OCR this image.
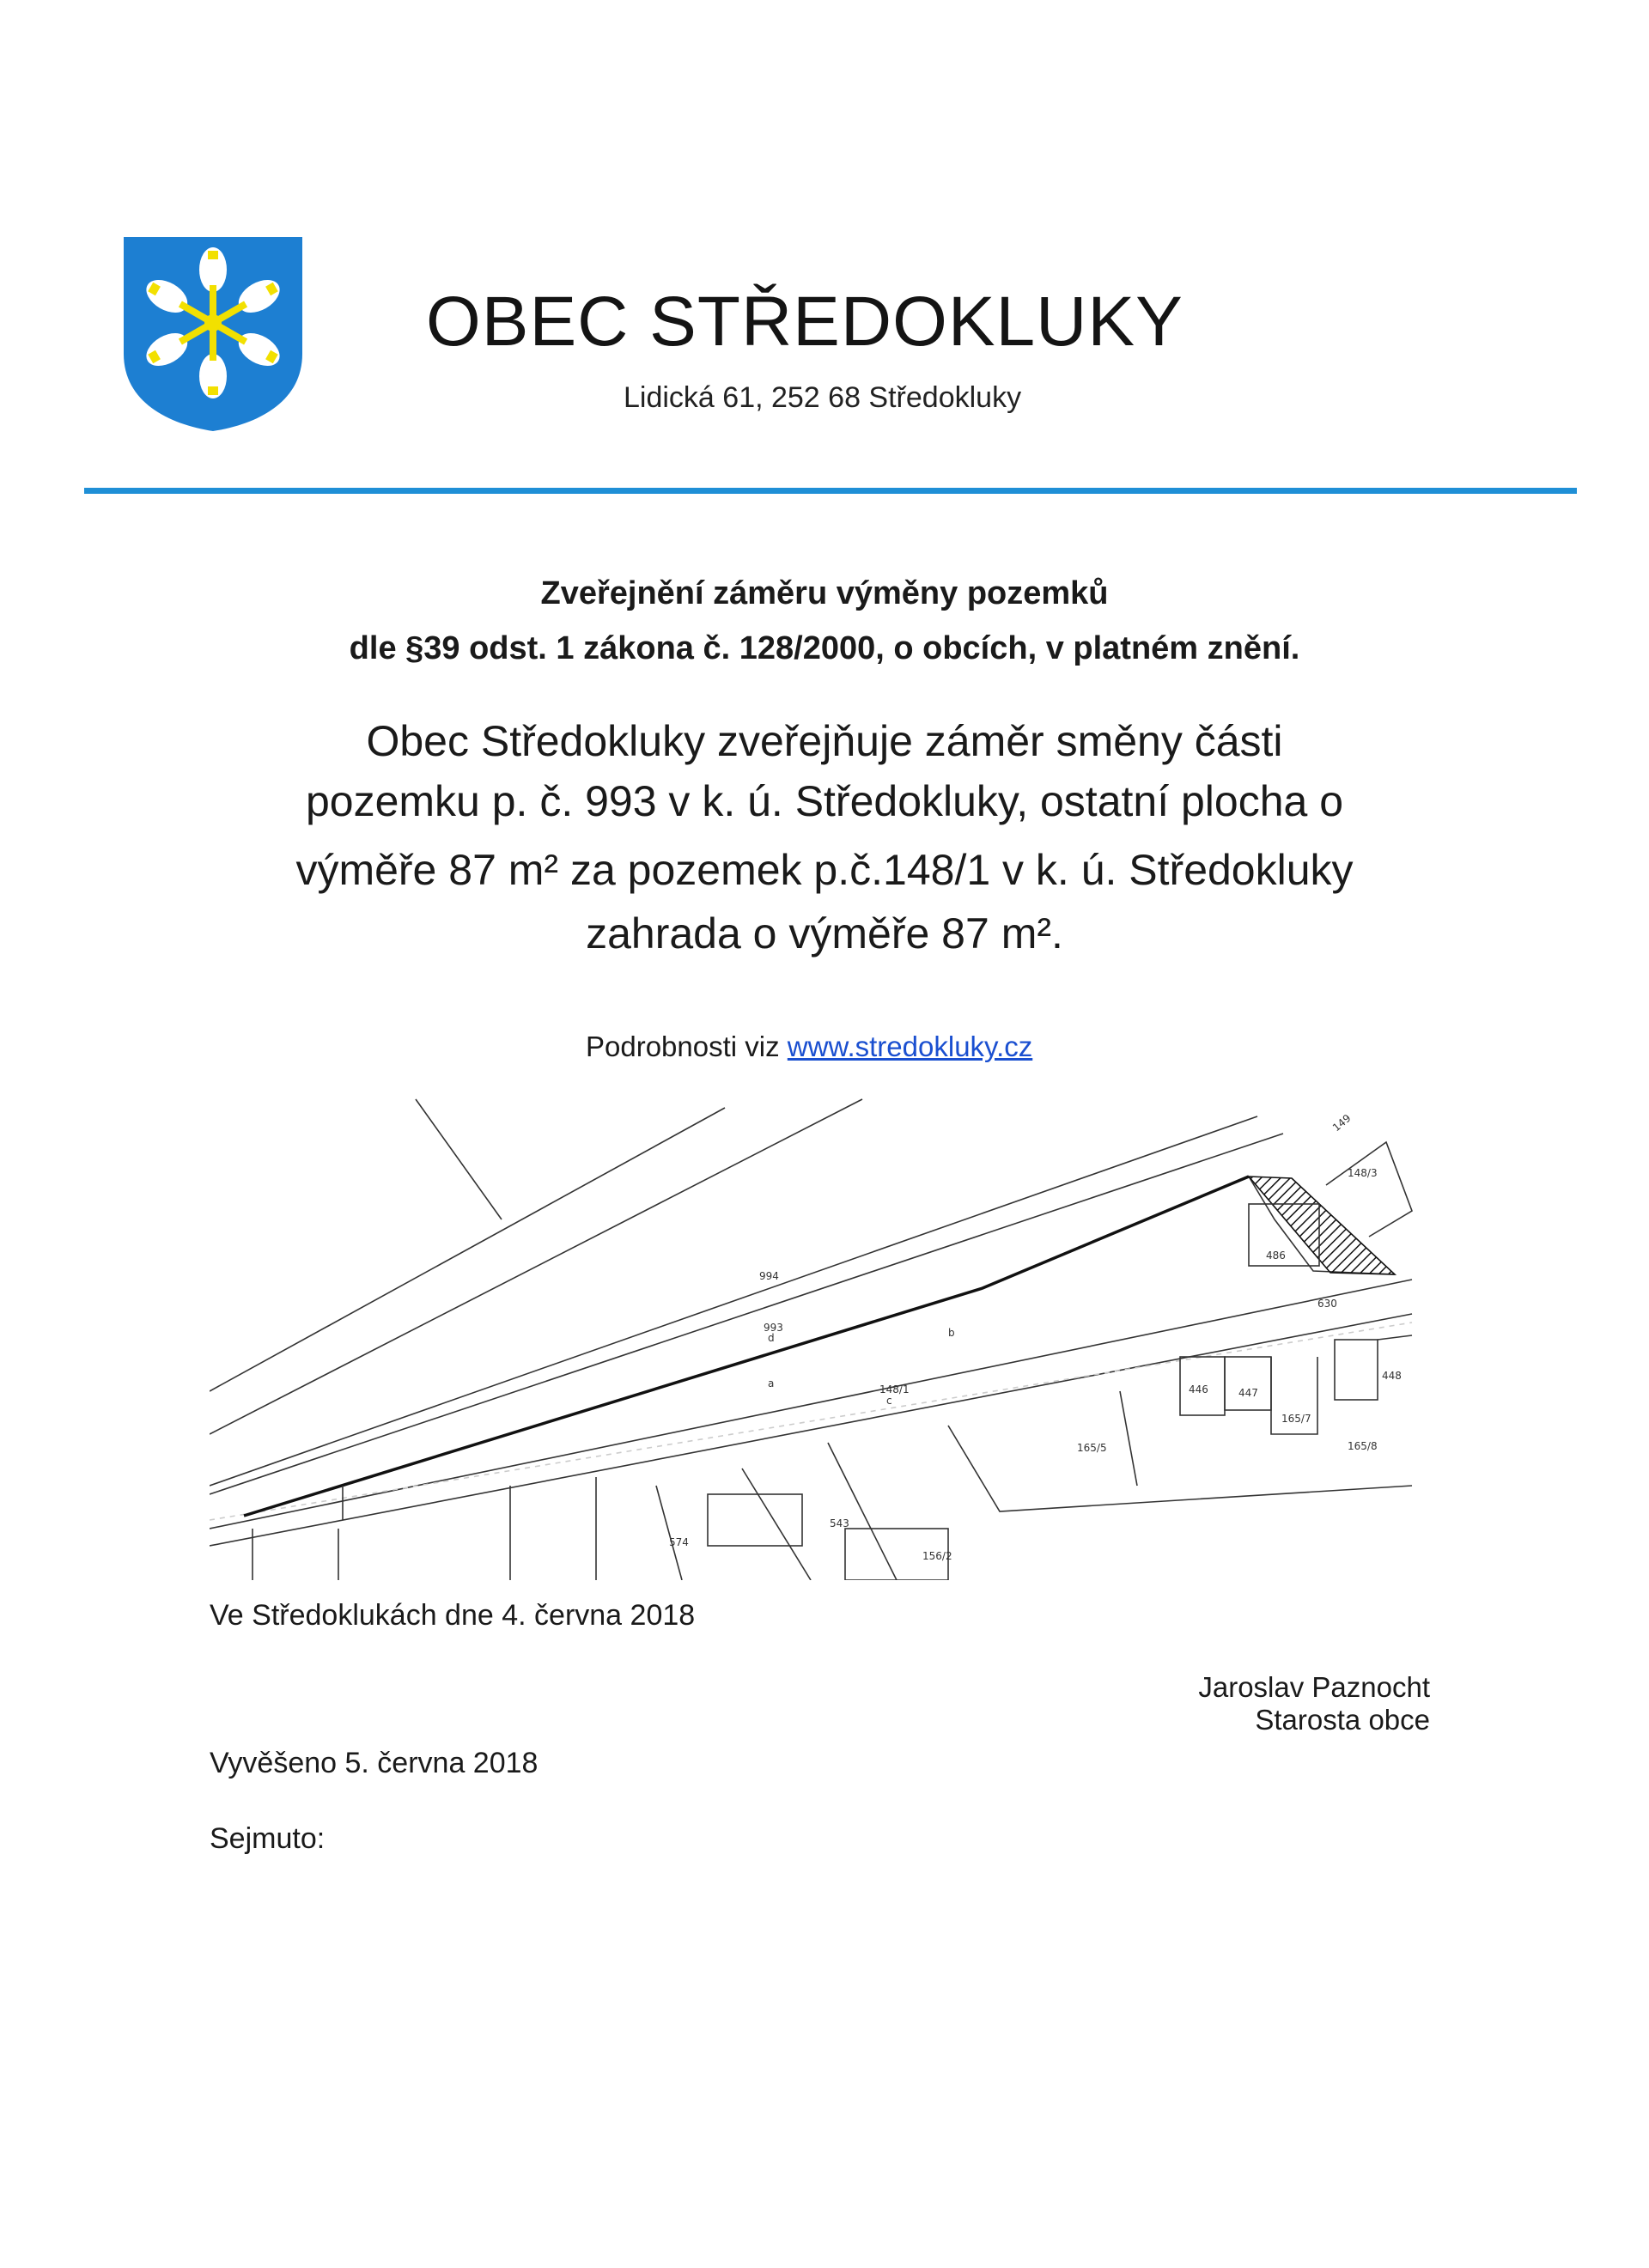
OBEC STŘEDOKLUKY
Lidická 61, 252 68 Středokluky
Zveřejnění záměru výměny pozemků
dle §39 odst. 1 zákona č. 128/2000, o obcích, v platném znění.
Obec Středokluky zveřejňuje záměr směny části
pozemku p. č. 993 v k. ú. Středokluky, ostatní plocha o
výměře 87 m² za pozemek p.č.148/1 v k. ú. Středokluky
zahrada o výměře 87 m².
Podrobnosti viz www.stredokluky.cz
994
993
d
148/1
c
a
b
148/3
486
630
446	447
448
165/5
165/7
165/8
543
574
156/2
149
Ve Středoklukách dne 4. června 2018
Jaroslav Paznocht
Starosta obce
Vyvěšeno 5. června 2018
Sejmuto:
